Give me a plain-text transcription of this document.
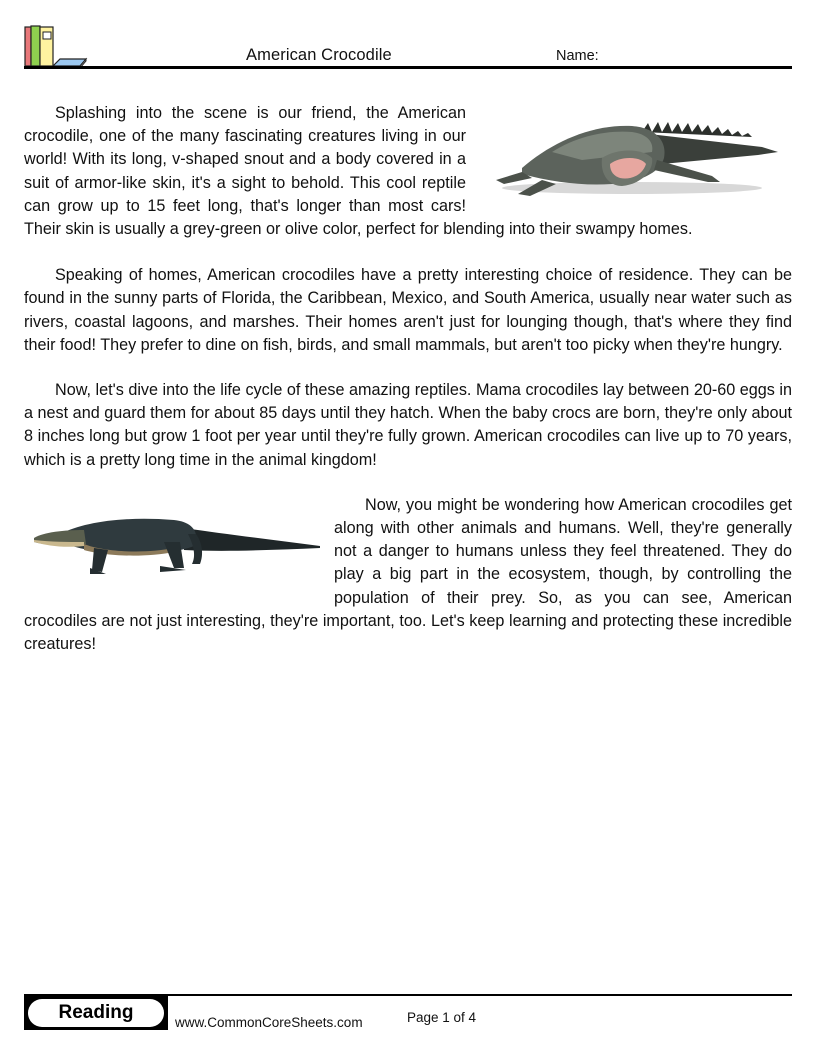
American Crocodile	Name:

Splashing into the scene is our friend, the American crocodile, one of the many fascinating creatures living in our world! With its long, v-shaped snout and a body covered in a suit of armor-like skin, it's a sight to behold. This cool reptile can grow up to 15 feet long, that's longer than most cars! Their skin is usually a grey-green or olive color, perfect for blending into their swampy homes.

Speaking of homes, American crocodiles have a pretty interesting choice of residence. They can be found in the sunny parts of Florida, the Caribbean, Mexico, and South America, usually near water such as rivers, coastal lagoons, and marshes. Their homes aren't just for lounging though, that's where they find their food! They prefer to dine on fish, birds, and small mammals, but aren't too picky when they're hungry.

Now, let's dive into the life cycle of these amazing reptiles. Mama crocodiles lay between 20-60 eggs in a nest and guard them for about 85 days until they hatch. When the baby crocs are born, they're only about 8 inches long but grow 1 foot per year until they're fully grown. American crocodiles can live up to 70 years, which is a pretty long time in the animal kingdom!

Now, you might be wondering how American crocodiles get along with other animals and humans. Well, they're generally not a danger to humans unless they feel threatened. They do play a big part in the ecosystem, though, by controlling the population of their prey. So, as you can see, American crocodiles are not just interesting, they're important, too. Let's keep learning and protecting these incredible creatures!

Reading	www.CommonCoreSheets.com	Page 1 of 4
